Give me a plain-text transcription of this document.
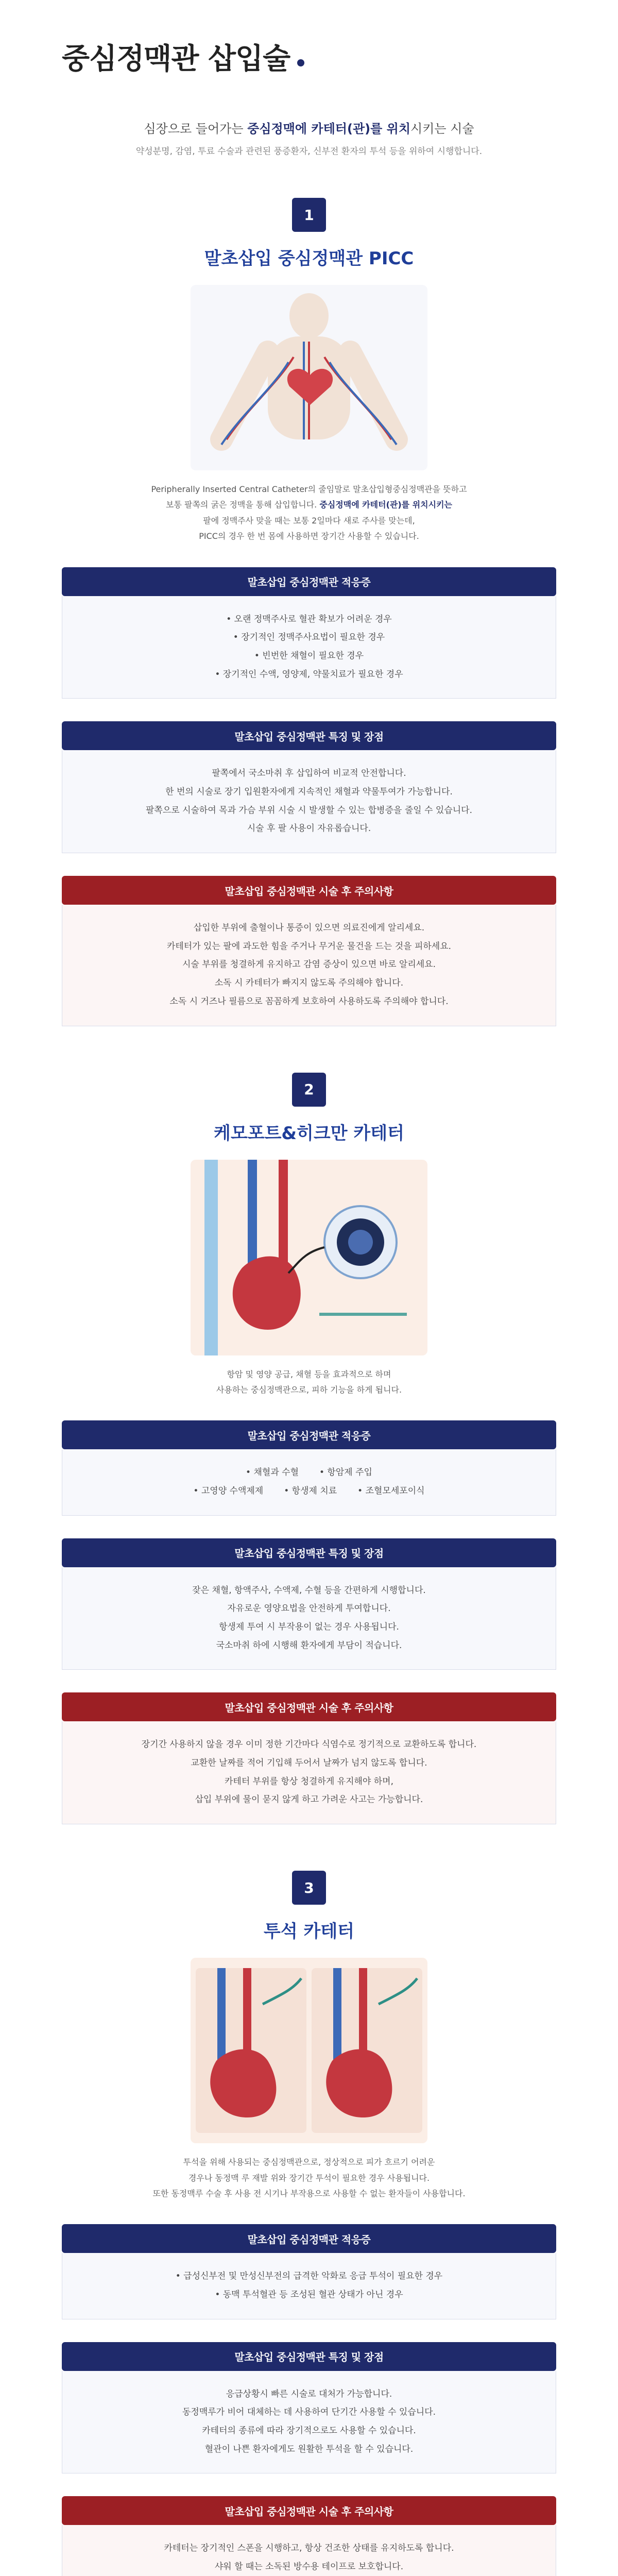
중심정맥관 삽입술

심장으로 들어가는 중심정맥에 카테터(관)를 위치시키는 시술

약성분명, 감염, 투료 수술과 관련된 풍증환자, 신부전 환자의 투석 등을 위하여 시행합니다.

1
말초삽입 중심정맥관 PICC
Peripherally Inserted Central Catheter의 줄임말로 말초삽입형중심정맥관을 뜻하고
보통 팔쪽의 굵은 정맥을 통해 삽입합니다. 중심정맥에 카테터(관)를 위치시키는
팔에 정맥주사 맞을 때는 보통 2일마다 새로 주사를 맞는데,
PICC의 경우 한 번 몸에 사용하면 장기간 사용할 수 있습니다.
말초삽입 중심정맥관 적응증
• 오랜 정맥주사로 혈관 확보가 어려운 경우
• 장기적인 정맥주사요법이 필요한 경우
• 빈번한 채혈이 필요한 경우
• 장기적인 수액, 영양제, 약물치료가 필요한 경우
말초삽입 중심정맥관 특징 및 장점
팔쪽에서 국소마취 후 삽입하여 비교적 안전합니다.
한 번의 시술로 장기 입원환자에게 지속적인 채혈과 약물투여가 가능합니다.
팔쪽으로 시술하여 목과 가슴 부위 시술 시 발생할 수 있는 합병증을 줄일 수 있습니다.
시술 후 팔 사용이 자유롭습니다.
말초삽입 중심정맥관 시술 후 주의사항
삽입한 부위에 출혈이나 통증이 있으면 의료진에게 알리세요.
카테터가 있는 팔에 과도한 힘을 주거나 무거운 물건을 드는 것을 피하세요.
시술 부위를 청결하게 유지하고 감염 증상이 있으면 바로 알리세요.
소독 시 카테터가 빠지지 않도록 주의해야 합니다.
소독 시 거즈나 필름으로 꼼꼼하게 보호하여 사용하도록 주의해야 합니다.
2
케모포트&히크만 카테터
항암 및 영양 공급, 채혈 등을 효과적으로 하며
사용하는 중심정맥관으로, 피하 기능을 하게 됩니다.
말초삽입 중심정맥관 적응증
• 채혈과 수혈 • 항암제 주입
• 고영양 수액제제 • 항생제 치료 • 조혈모세포이식
말초삽입 중심정맥관 특징 및 장점
잦은 채혈, 항액주사, 수액제, 수혈 등을 간편하게 시행합니다.
자유로운 영양요법을 안전하게 투여합니다.
항생제 투여 시 부작용이 없는 경우 사용됩니다.
국소마취 하에 시행해 환자에게 부담이 적습니다.
말초삽입 중심정맥관 시술 후 주의사항
장기간 사용하지 않을 경우 이미 정한 기간마다 식염수로 정기적으로 교환하도록 합니다.
교환한 날짜를 적어 기입해 두어서 날짜가 넘지 않도록 합니다.
카테터 부위를 항상 청결하게 유지해야 하며,
삽입 부위에 물이 묻지 않게 하고 가려운 사고는 가능합니다.
3
투석 카테터
투석을 위해 사용되는 중심정맥관으로, 정상적으로 피가 흐르기 어려운
경우나 동정맥 루 재발 위와 장기간 투석이 필요한 경우 사용됩니다.
또한 동정맥루 수술 후 사용 전 시기나 부작용으로 사용할 수 없는 환자들이 사용합니다.
말초삽입 중심정맥관 적응증
• 급성신부전 및 만성신부전의 급격한 악화로 응급 투석이 필요한 경우
• 동맥 투석혈관 등 조성된 혈관 상태가 아닌 경우
말초삽입 중심정맥관 특징 및 장점
응급상황시 빠른 시술로 대처가 가능합니다.
동정맥루가 비어 대체하는 데 사용하여 단기간 사용할 수 있습니다.
카테터의 종류에 따라 장기적으로도 사용할 수 있습니다.
혈관이 나쁜 환자에게도 원활한 투석을 할 수 있습니다.
말초삽입 중심정맥관 시술 후 주의사항
카테터는 장기적인 스폰을 시행하고, 항상 건조한 상태를 유지하도록 합니다.
샤워 할 때는 소독된 방수용 테이프로 보호합니다.
